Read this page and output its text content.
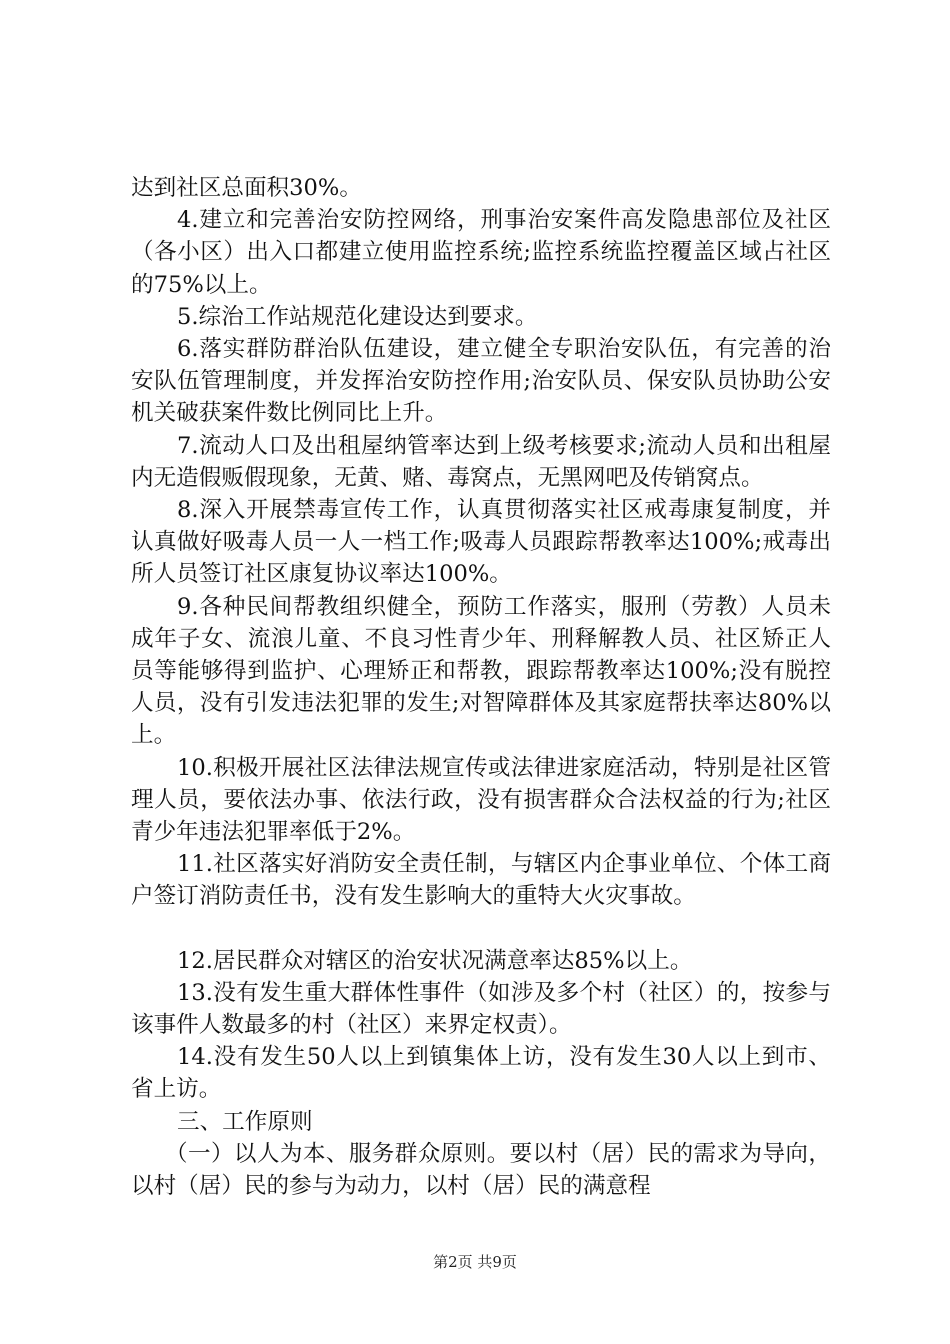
达到社区总面积30%。

4.建立和完善治安防控网络，刑事治安案件高发隐患部位及社区（各小区）出入口都建立使用监控系统;监控系统监控覆盖区域占社区的75%以上。

5.综治工作站规范化建设达到要求。

6.落实群防群治队伍建设，建立健全专职治安队伍，有完善的治安队伍管理制度，并发挥治安防控作用;治安队员、保安队员协助公安机关破获案件数比例同比上升。

7.流动人口及出租屋纳管率达到上级考核要求;流动人员和出租屋内无造假贩假现象，无黄、赌、毒窝点，无黑网吧及传销窝点。

8.深入开展禁毒宣传工作，认真贯彻落实社区戒毒康复制度，并认真做好吸毒人员一人一档工作;吸毒人员跟踪帮教率达100%;戒毒出所人员签订社区康复协议率达100%。

9.各种民间帮教组织健全，预防工作落实，服刑（劳教）人员未成年子女、流浪儿童、不良习性青少年、刑释解教人员、社区矫正人员等能够得到监护、心理矫正和帮教，跟踪帮教率达100%;没有脱控人员，没有引发违法犯罪的发生;对智障群体及其家庭帮扶率达80%以上。

10.积极开展社区法律法规宣传或法律进家庭活动，特别是社区管理人员，要依法办事、依法行政，没有损害群众合法权益的行为;社区青少年违法犯罪率低于2%。

11.社区落实好消防安全责任制，与辖区内企事业单位、个体工商户签订消防责任书，没有发生影响大的重特大火灾事故。

12.居民群众对辖区的治安状况满意率达85%以上。

13.没有发生重大群体性事件（如涉及多个村（社区）的，按参与该事件人数最多的村（社区）来界定权责）。

14.没有发生50人以上到镇集体上访，没有发生30人以上到市、省上访。

三、工作原则

（一）以人为本、服务群众原则。要以村（居）民的需求为导向，以村（居）民的参与为动力，以村（居）民的满意程

第2页 共9页
